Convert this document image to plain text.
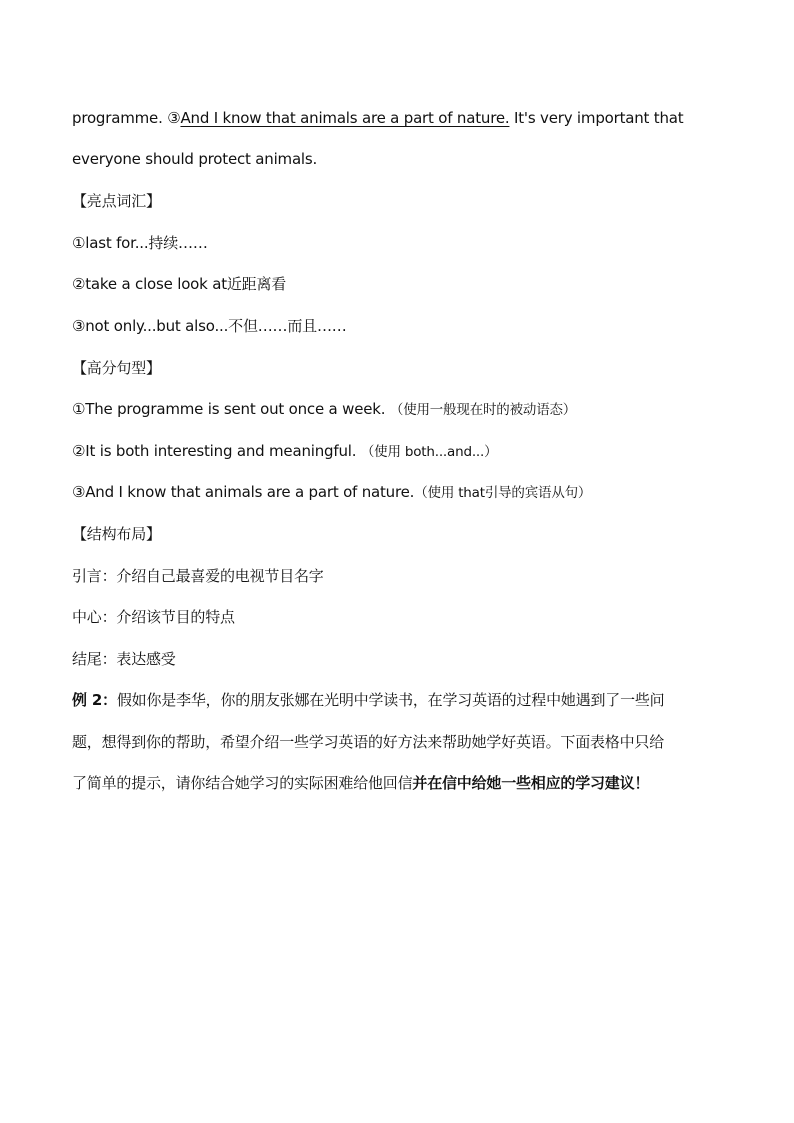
programme. ③And I know that animals are a part of nature. It's very important that
everyone should protect animals.
【亮点词汇】
①last for...持续……
②take a close look at近距离看
③not only...but also...不但……而且……
【高分句型】
①The programme is sent out once a week. （使用一般现在时的被动语态）
②It is both interesting and meaningful. （使用 both...and...）
③And I know that animals are a part of nature.（使用 that引导的宾语从句）
【结构布局】
引言：介绍自己最喜爱的电视节目名字
中心：介绍该节目的特点
结尾：表达感受
例 2：假如你是李华，你的朋友张娜在光明中学读书，在学习英语的过程中她遇到了一些问
题，想得到你的帮助，希望介绍一些学习英语的好方法来帮助她学好英语。下面表格中只给
了简单的提示，请你结合她学习的实际困难给他回信并在信中给她一些相应的学习建议！
